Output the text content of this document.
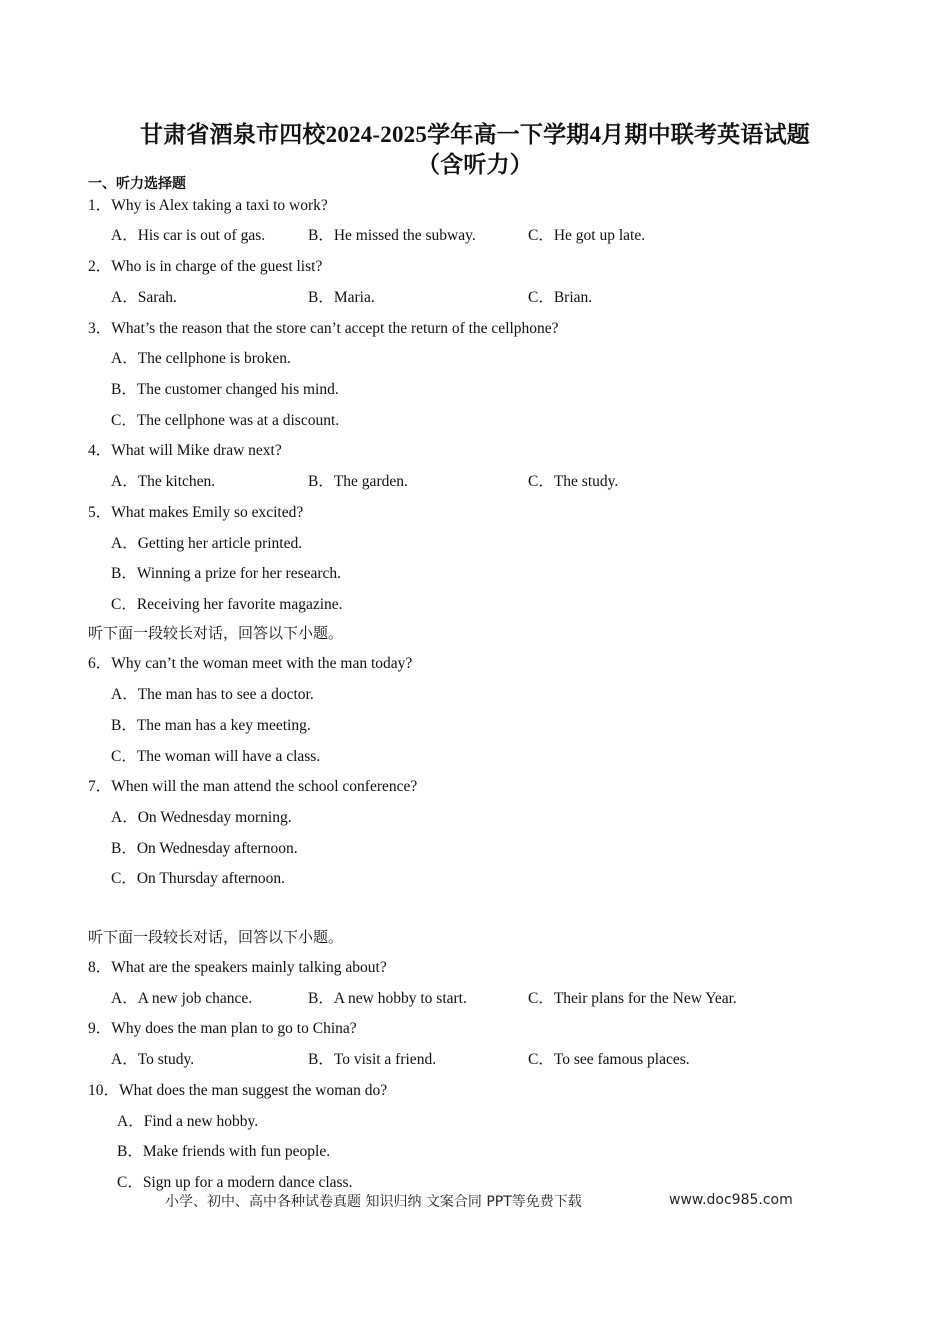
甘肃省酒泉市四校2024-2025学年高一下学期4月期中联考英语试题
（含听力）
一、听力选择题
1．Why is Alex taking a taxi to work?
A．His car is out of gas.	B．He missed the subway.	C．He got up late.
2．Who is in charge of the guest list?
A．Sarah.	B．Maria.	C．Brian.
3．What’s the reason that the store can’t accept the return of the cellphone?
A．The cellphone is broken.
B．The customer changed his mind.
C．The cellphone was at a discount.
4．What will Mike draw next?
A．The kitchen.	B．The garden.	C．The study.
5．What makes Emily so excited?
A．Getting her article printed.
B．Winning a prize for her research.
C．Receiving her favorite magazine.
听下面一段较长对话，回答以下小题。
6．Why can’t the woman meet with the man today?
A．The man has to see a doctor.
B．The man has a key meeting.
C．The woman will have a class.
7．When will the man attend the school conference?
A．On Wednesday morning.
B．On Wednesday afternoon.
C．On Thursday afternoon.
听下面一段较长对话，回答以下小题。
8．What are the speakers mainly talking about?
A．A new job chance.	B．A new hobby to start.	C．Their plans for the New Year.
9．Why does the man plan to go to China?
A．To study.	B．To visit a friend.	C．To see famous places.
10．What does the man suggest the woman do?
A．Find a new hobby.
B．Make friends with fun people.
C．Sign up for a modern dance class.
小学、初中、高中各种试卷真题 知识归纳 文案合同 PPT等免费下载	www.doc985.com
